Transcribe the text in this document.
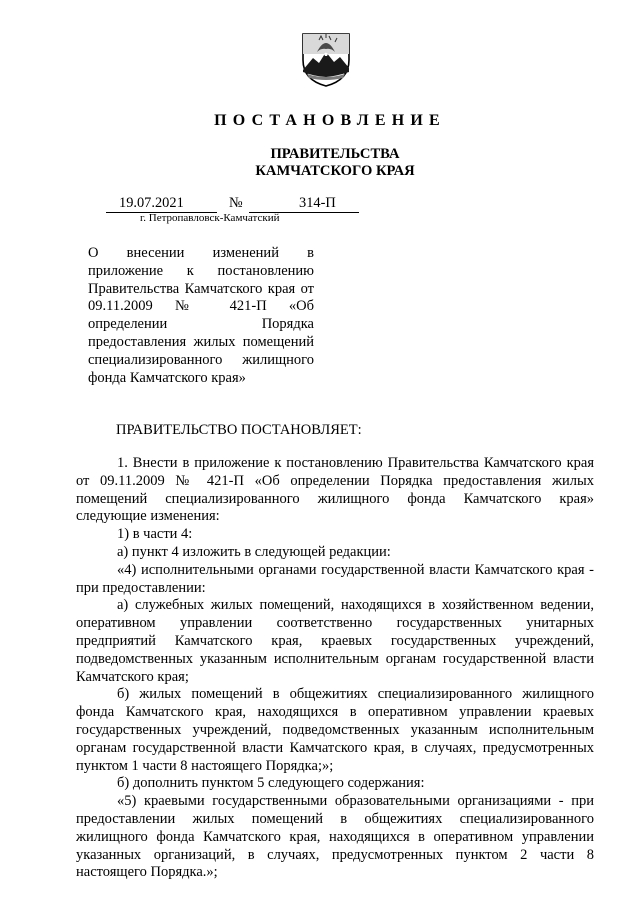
ПОСТАНОВЛЕНИЕ
ПРАВИТЕЛЬСТВА
КАМЧАТСКОГО КРАЯ
19.07.2021	№	314-П
г. Петропавловск-Камчатский
О внесении изменений в приложение к постановлению Правительства Камчатского края от 09.11.2009 № 421-П «Об определении Порядка предоставления жилых помещений специализированного жилищного фонда Камчатского края»
ПРАВИТЕЛЬСТВО ПОСТАНОВЛЯЕТ:

1. Внести в приложение к постановлению Правительства Камчатского края от 09.11.2009 № 421-П «Об определении Порядка предоставления жилых помещений специализированного жилищного фонда Камчатского края» следующие изменения:

1) в части 4:

а) пункт 4 изложить в следующей редакции:

«4) исполнительными органами государственной власти Камчатского края - при предоставлении:

а) служебных жилых помещений, находящихся в хозяйственном ведении, оперативном управлении соответственно государственных унитарных предприятий Камчатского края, краевых государственных учреждений, подведомственных указанным исполнительным органам государственной власти Камчатского края;

б) жилых помещений в общежитиях специализированного жилищного фонда Камчатского края, находящихся в оперативном управлении краевых государственных учреждений, подведомственных указанным исполнительным органам государственной власти Камчатского края, в случаях, предусмотренных пунктом 1 части 8 настоящего Порядка;»;

б) дополнить пунктом 5 следующего содержания:

«5) краевыми государственными образовательными организациями - при предоставлении жилых помещений в общежитиях специализированного жилищного фонда Камчатского края, находящихся в оперативном управлении указанных организаций, в случаях, предусмотренных пунктом 2 части 8 настоящего Порядка.»;
